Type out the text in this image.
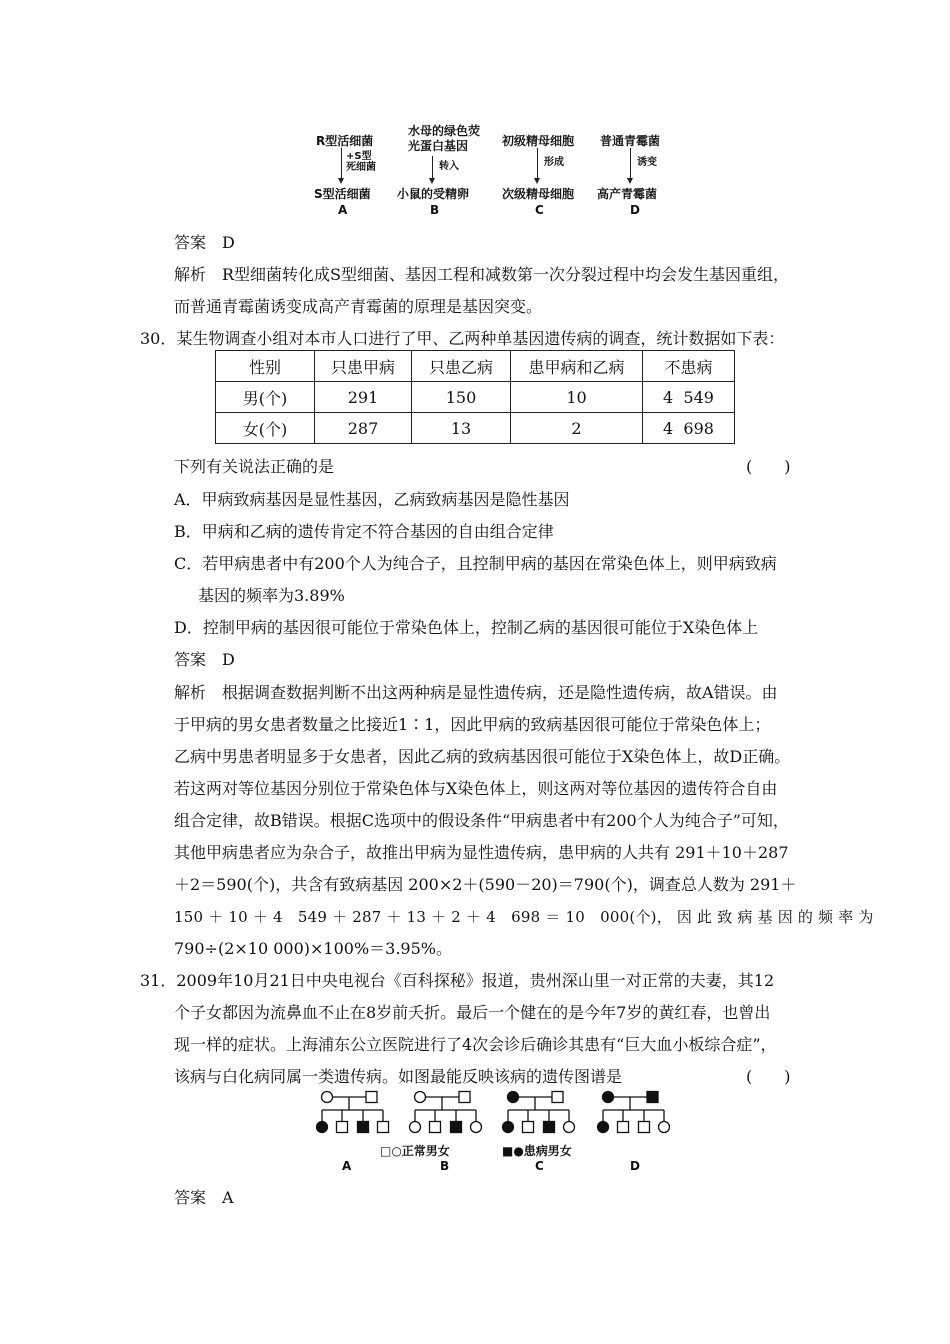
R型活细菌
+S型
死细菌
S型活细菌
A
水母的绿色荧
光蛋白基因
转入
小鼠的受精卵
B
初级精母细胞
形成
次级精母细胞
C
普通青霉菌
诱变
高产青霉菌
D
答案　D
解析　R型细菌转化成S型细菌、基因工程和减数第一次分裂过程中均会发生基因重组，
而普通青霉菌诱变成高产青霉菌的原理是基因突变。
30．某生物调查小组对本市人口进行了甲、乙两种单基因遗传病的调查，统计数据如下表：
性别	只患甲病	只患乙病	患甲病和乙病	不患病
男(个)	291	150	10	4  549
女(个)	287	13	2	4  698
下列有关说法正确的是	(　　)
A．甲病致病基因是显性基因，乙病致病基因是隐性基因
B．甲病和乙病的遗传肯定不符合基因的自由组合定律
C．若甲病患者中有200个人为纯合子，且控制甲病的基因在常染色体上，则甲病致病
基因的频率为3.89%
D．控制甲病的基因很可能位于常染色体上，控制乙病的基因很可能位于X染色体上
答案　D
解析　根据调查数据判断不出这两种病是显性遗传病，还是隐性遗传病，故A错误。由
于甲病的男女患者数量之比接近1∶1，因此甲病的致病基因很可能位于常染色体上；
乙病中男患者明显多于女患者，因此乙病的致病基因很可能位于X染色体上，故D正确。
若这两对等位基因分别位于常染色体与X染色体上，则这两对等位基因的遗传符合自由
组合定律，故B错误。根据C选项中的假设条件“甲病患者中有200个人为纯合子”可知，
其他甲病患者应为杂合子，故推出甲病为显性遗传病，患甲病的人共有 291＋10＋287
＋2＝590(个)，共含有致病基因 200×2＋(590－20)＝790(个)，调查总人数为 291＋
150 ＋ 10 ＋ 4　549 ＋ 287 ＋ 13 ＋ 2 ＋ 4　698 ＝ 10　000(个)， 因 此 致 病 基 因 的 频 率 为
790÷(2×10 000)×100%＝3.95%。
31．2009年10月21日中央电视台《百科探秘》报道，贵州深山里一对正常的夫妻，其12
个子女都因为流鼻血不止在8岁前夭折。最后一个健在的是今年7岁的黄红春，也曾出
现一样的症状。上海浦东公立医院进行了4次会诊后确诊其患有“巨大血小板综合症”，
该病与白化病同属一类遗传病。如图最能反映该病的遗传图谱是	(　　)
□○正常男女	■●患病男女
A	B	C	D
答案　A
